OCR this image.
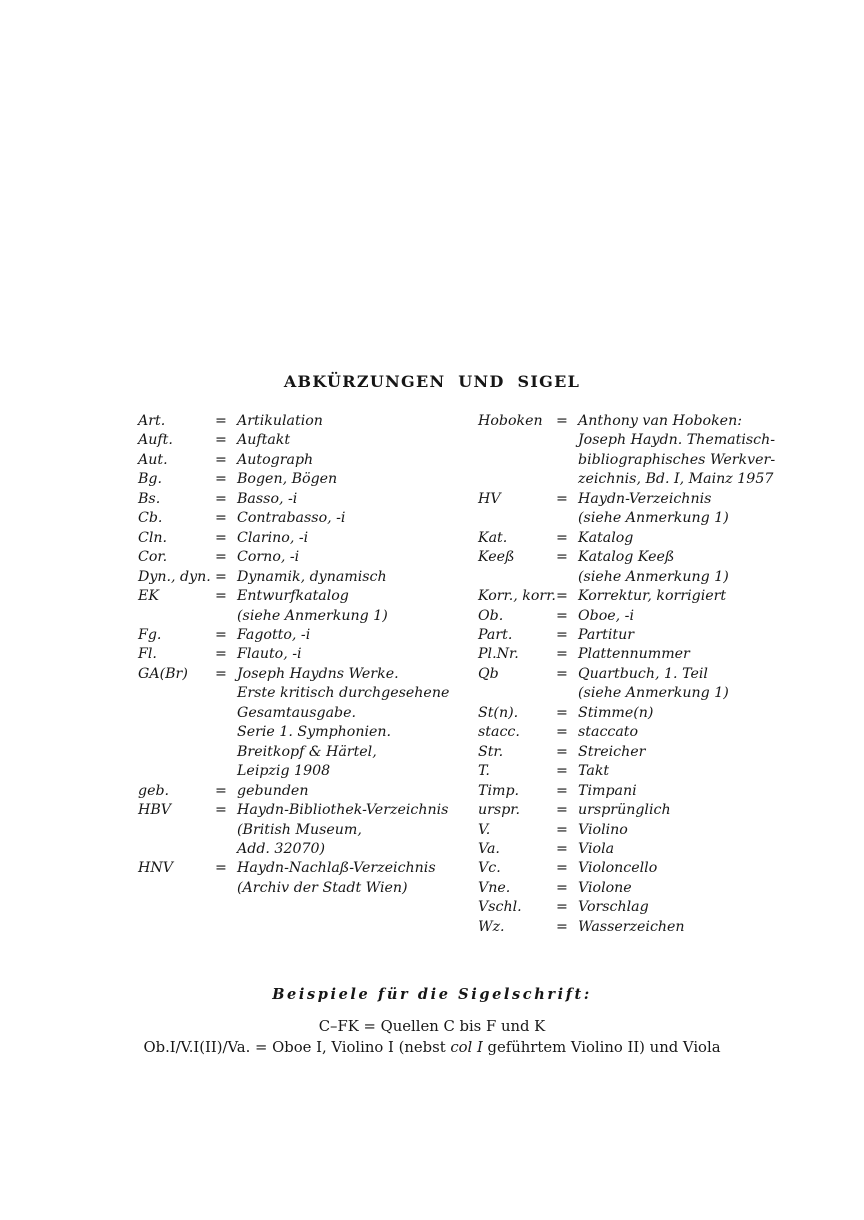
ABKÜRZUNGEN UND SIGEL
Art.	= Artikulation
Auft.	= Auftakt
Aut.	= Autograph
Bg.	= Bogen, Bögen
Bs.	= Basso, -i
Cb.	= Contrabasso, -i
Cln.	= Clarino, -i
Cor.	= Corno, -i
Dyn., dyn. = Dynamik, dynamisch
EK	= Entwurfkatalog
(siehe Anmerkung 1)
Fg.	= Fagotto, -i
Fl.	= Flauto, -i
GA(Br)	= Joseph Haydns Werke.
Erste kritisch durchgesehene
Gesamtausgabe.
Serie 1. Symphonien.
Breitkopf & Härtel,
Leipzig 1908
geb.	= gebunden
HBV	= Haydn-Bibliothek-Verzeichnis
(British Museum,
Add. 32070)
HNV	= Haydn-Nachlaß-Verzeichnis
(Archiv der Stadt Wien)
Hoboken = Anthony van Hoboken:
Joseph Haydn. Thematisch-
bibliographisches Werkver-
zeichnis, Bd. I, Mainz 1957
HV	= Haydn-Verzeichnis
(siehe Anmerkung 1)
Kat.	= Katalog
Keeß	= Katalog Keeß
(siehe Anmerkung 1)
Korr., korr. = Korrektur, korrigiert
Ob.	= Oboe, -i
Part.	= Partitur
Pl.Nr.	= Plattennummer
Qb	= Quartbuch, 1. Teil
(siehe Anmerkung 1)
St(n).	= Stimme(n)
stacc.	= staccato
Str.	= Streicher
T.	= Takt
Timp.	= Timpani
urspr.	= ursprünglich
V.	= Violino
Va.	= Viola
Vc.	= Violoncello
Vne.	= Violone
Vschl.	= Vorschlag
Wz.	= Wasserzeichen
Beispiele für die Sigelschrift:
C–FK = Quellen C bis F und K
Ob.I/V.I(II)/Va. = Oboe I, Violino I (nebst col I geführtem Violino II) und Viola
